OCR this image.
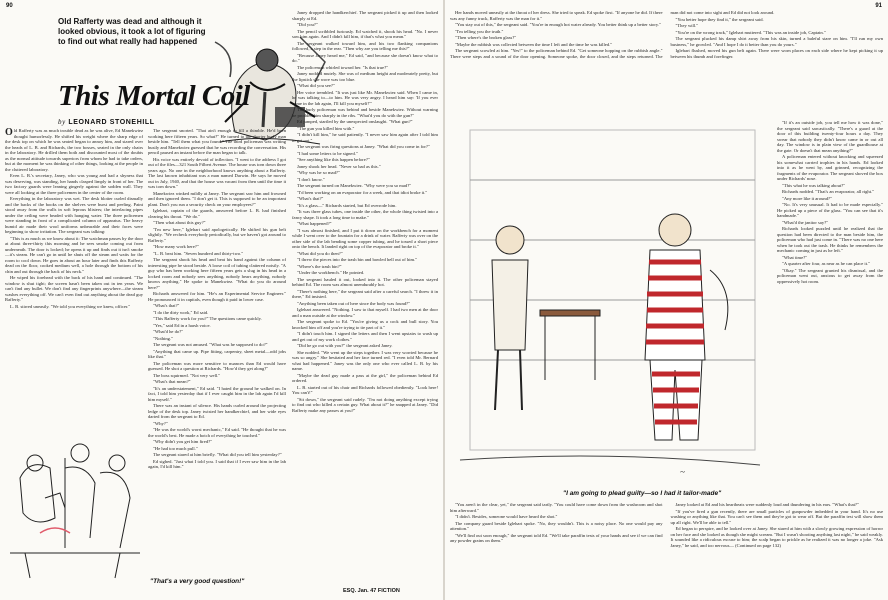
90
Old Rafferty was dead and although it looked obvious, it took a lot of figuring to find out what really had happened
This Mortal Coil
by LEONARD STONEHILL

Old Rafferty was as much trouble dead as he was alive, Ed Manekwiez thought humorlessly. He shifted his weight where the sharp edge of the desk top on which he was seated began to annoy him, and stared over the heads of L. B. and Richards, the two bosses, seated in the only chairs in the laboratory. He drilled them both and discounted most of the doubts as the normal attitude towards superiors from whom he had to take orders, but at the moment he was thinking of other things, looking at the people in the cluttered laboratory.

Even L. B.'s secretary, Janey, who was young and had a shyness that was deserving, was standing, her hands clasped limply in front of her. The two factory guards were leaning gingerly against the sodden wall. They were all looking at the three policemen in the center of the room.

Everything in the laboratory was wet. The desk blotter curled dismally and the backs of the books on the shelves were burst and peeling. Paint stood away from the walls in soft leprous blisters; the interlacing pipes under the ceiling were beaded with hanging water. The three policemen were standing in front of a complicated column of apparatus. The heavy humid air made their wool uniforms unbearable and their faces were beginning to show irritation. The sergeant was talking:

"This is as much as we know about it: The watchman passes by the door at about three-thirty this morning and he sees smoke coming out from underneath. The door is locked; he opens it up and finds out it isn't smoke—it's steam. He can't go in until he shuts off the steam and waits for the room to cool down. He goes in about an hour later and finds this Rafferty dead on the floor, cooked medium well, a hole through the bottom of his chin and out through the back of his neck."

He wiped his forehead with the back of his hand and continued. "The window is shut tight; the screen hasn't been taken out in ten years. We can't find any bullet. We don't find any fingerprints anywhere—the steam washes everything off. We can't even find out anything about the dead guy Rafferty."

L. B. stirred uneasily. "We told you everything we knew, officer."

The sergeant snorted. "That ain't enough to fill a thimble. He'd been working here fifteen years. So what?" He turned to the shorter burly man beside him. "Tell them what you found." The third policeman was writing busily and Manekwiez guessed that he was recording the conversation. His pencil paused an instant before the man began to talk.

His voice was entirely devoid of inflection. "I went to the address I got out of the files—321 South Filbert Avenue. The house was torn down three years ago. No one in the neighborhood knows anything about a Rafferty. The last known inhabitant was a man named Darwin. He says he moved out in July, 1940, and that the house was vacant from then until the time it was torn down."

Manekwiez winked mildly at Janey. The sergeant saw him and frowned and then ignored them. "I don't get it. This is supposed to be an important plant. Don't you run a security check on your employees?"

Iglehart, captain of the guards, answered before L. B. had finished clearing his throat. "We do."

"Then what about this guy?"

"I'm new here," Iglehart said apologetically. He shifted his gun belt slightly. "We recheck everybody periodically, but we haven't got around to Rafferty."

"How many work here?"

"L. B. beat him. "Seven hundred and thirty-two."

The sergeant shook his head and beat his hand against the column of interesting pipe he stood beside. A loose coil of tubing clattered noisily. "A guy who has been working here fifteen years gets a slug in his head in a locked room and nobody sees anything, nobody hears anything, nobody knows anything." He spoke to Manekwiez. "What do you do around here?"

Richards answered for him. "He's an Experimental Service Engineer." He pronounced it in capitals, even though it paid in lower case.

"What's that?"

"I do the dirty work," Ed said.

"This Rafferty work for you?" The questions came quickly.

"Yes," said Ed in a harsh voice.

"What'd he do?"

"Nothing."

The sergeant was not amused. "What was he supposed to do?"

"Anything that came up. Pipe fitting, carpentry, sheet metal—odd jobs like that."

The policeman was more sensitive to nuances than Ed would have guessed. He shot a question at Richards. "How'd they get along?"

The boss squirmed. "Not very well."

"What's that mean?"

"It's an understatement," Ed said. "I hated the ground he walked on. In fact, I told him yesterday that if I ever caught him in the lab again I'd kill him myself."

There was an instant of silence. His hands curled around the projecting ledge of the desk top. Janey twisted her handkerchief, and her wide eyes darted from the sergeant to Ed.

"Why?"

"He was the world's worst mechanic," Ed said. "He thought that he was the world's best. He made a botch of everything he touched."

"Why didn't you get him fired?"

"He had too much pull."

The sergeant stared at him briefly. "What did you tell him yesterday?"

Ed sighed. "Just what I told you. I said that if I ever saw him in the lab again, I'd kill him."

Janey dropped the handkerchief. The sergeant picked it up and then looked sharply at Ed.

"Did you?"

The pencil scribbled furiously. Ed watched it, shook his head. "No. I never saw him again. And I didn't kill him, if that's what you mean."

The sergeant walked toward him, and his two flanking companions followed, a step in the rear. "Then why are you telling me this?"

"Because Janey heard me," Ed said, "and because she doesn't know what to do."

The policeman whirled toward her. "Is that true?"

Janey nodded mutely. She was of medium height and moderately pretty, but the lipstick she wore was too blue.

"What did you see?"

Her voice trembled. "It was just like Mr. Manekwiez said. When I came in, he was talking to—to him. He was very angry. I heard him say: 'If you ever come in the lab again, I'll kill you myself!'"

The burly policeman was behind and beside Manekwiez. Without warning he prodded him sharply in the ribs. "What'd you do with the gun?"

Ed jumped, startled by the unexpected onslaught. "What gun?"

"The gun you killed him with."

"I didn't kill him," he said patiently. "I never saw him again after I told him to get out."

The sergeant was firing questions at Janey. "What did you come in for?"

"I had some letters to be signed."

"See anything like this happen before?"

Janey shook her head. "Never so bad as this."

"Why was he so mad?"

"I don't know."

The sergeant turned on Manekwiez. "Why were you so mad?"

"I'd been working on an evaporator for a week, and that idiot broke it."

"What's that?"

"It's a glass—" Richards started, but Ed overrode him.

"It was three glass tubes, one inside the other, the whole thing twisted into a fancy shape. It took a long time to make."

"What happened?"

"I was almost finished, and I put it down on the workbench for a moment while I went over to the fountain for a drink of water. Rafferty was over on the other side of the lab bending some copper tubing, and he tossed a short piece onto the bench. It landed right on top of the evaporator and broke it."

"What did you do then?"

"I threw the pieces into the trash bin and bawled hell out of him."

"Where's the trash bin?"

"Under the workbench." He pointed.

The sergeant hauled it out, looked into it. The other policeman stayed behind Ed. The room was almost unendurably hot.

"There's nothing here," the sergeant said after a careful search. "I threw it in there," Ed insisted.

"Anything been taken out of here since the body was found?"

Iglehart answered. "Nothing. I saw to that myself. I had two men at the door and a man outside at the window."

The sergeant spoke to Ed. "You're giving us a cock and bull story. You knocked him off and you're trying to tie part of it."

"I didn't touch him. I signed the letters and then I went upstairs to wash up and get out of my work clothes."

"Did he go out with you?" the sergeant asked Janey.

She nodded. "We went up the steps together. I was very worried because he was so angry." She hesitated and her face turned red. "I even told Mr. Bernard what had happened." Janey was the only one who ever called L. B. by his name.

"Maybe the dead guy made a pass at the girl," the policeman behind Ed ordered.

L. B. started out of his chair and Richards followed obediently. "Look here! You can't!"

"Sit down," the sergeant said rudely. "I'm not doing anything except trying to find out who killed a certain guy. What about it?" he snapped at Janey. "Did Rafferty make any passes at you?"

"That's a very good question!"
ESQ. Jan. 47 FICTION
91

Her hands moved uneasily at the throat of her dress. She tried to speak. Ed spoke first. "If anyone he did. If there was any funny truck, Rafferty was the man for it."

"You stay out of this," the sergeant said. "You're in enough hot water already. You better think up a better story."

"I'm telling you the truth."

"Then where's the broken glass?"

"Maybe the rubbish was collected between the time I left and the time he was killed."

The sergeant scowled at him. "Yes!" to the policeman behind Ed. "Get someone hopping on the rubbish angle." There were steps and a sound of the door opening. Someone spoke, the door closed, and the steps returned. The man did not come into sight and Ed did not look around.

"You better hope they find it," the sergeant said.

"They will."

"You're on the wrong track," Iglehart muttered. "This was an inside job, Captain."

The sergeant plucked his damp shirt away from his skin, turned a baleful stare on him. "I'll run my own business," he growled. "And I hope I do it better than you do yours."

Iglehart flushed, moved his gun belt again. There were worn places on each side where he kept picking it up between his thumb and forefinger.

~

"If it's an outside job, you tell me how it was done," the sergeant said sarcastically. "There's a guard at the door of this building twenty-four hours a day. They swear that nobody they didn't know came in or out all day. The window is in plain view of the guardhouse at the gate. Or doesn't that mean anything?"

A policeman entered without knocking and squeezed his somewhat carried trophies in his hands. Ed looked into it as he went by, and grinned, recognizing the fragments of the evaporator. The sergeant shoved the box under Richards' nose.

"This what he was talking about?"

Richards nodded. "That's an evaporator, all right."

"Any more like it around?"

"No. It's very unusual. It had to be made especially." He picked up a piece of the glass. "You can see that it's handmade."

"What'd the janitor say?"

Richards looked puzzled until he realized that the question had been directed to the man beside him, the policeman who had just come in. "There was no one here when he took out the trash. He thinks he remembers the mechanic coming in just as he left."

"What time?"

"A quarter after four, as near as he can place it."

"Okay." The sergeant grunted his dismissal, and the policeman went out, anxious to get away from the oppressively hot room.

"I am going to plead guilty—so I had it tailor-made"

"You aren't in the clear, yet," the sergeant said tartly. "You could have come down from the washroom and shot him afterward."

"I didn't. Besides, someone would have heard the shot."

The company guard beside Iglehart spoke. "No, they wouldn't. This is a noisy place. No one would pay any attention."

"We'll find out soon enough," the sergeant told Ed. "We'll take paraffin tests of your hands and see if we can find any powder grains on them."

Janey looked at Ed and his heartbeats were suddenly loud and thundering in his ears. "What's that?"

"If you've fired a gun recently, there are small particles of gunpowder imbedded in your hand. It's no use washing or anything like that. You can't see them and they're got to wear off. But the paraffin test will show them up all right. We'll be able to tell."

Ed began to perspire, and he looked over at Janey. She stared at him with a slowly growing expression of horror on her face and she looked as though she might scream. "But I wasn't shooting anything last night," he said weakly. It sounded like a ridiculous excuse to him; the scalp began to prickle as he realized it was no longer a joke. "Ask Janey," he said, and too nervous— (Continued on page 132)
